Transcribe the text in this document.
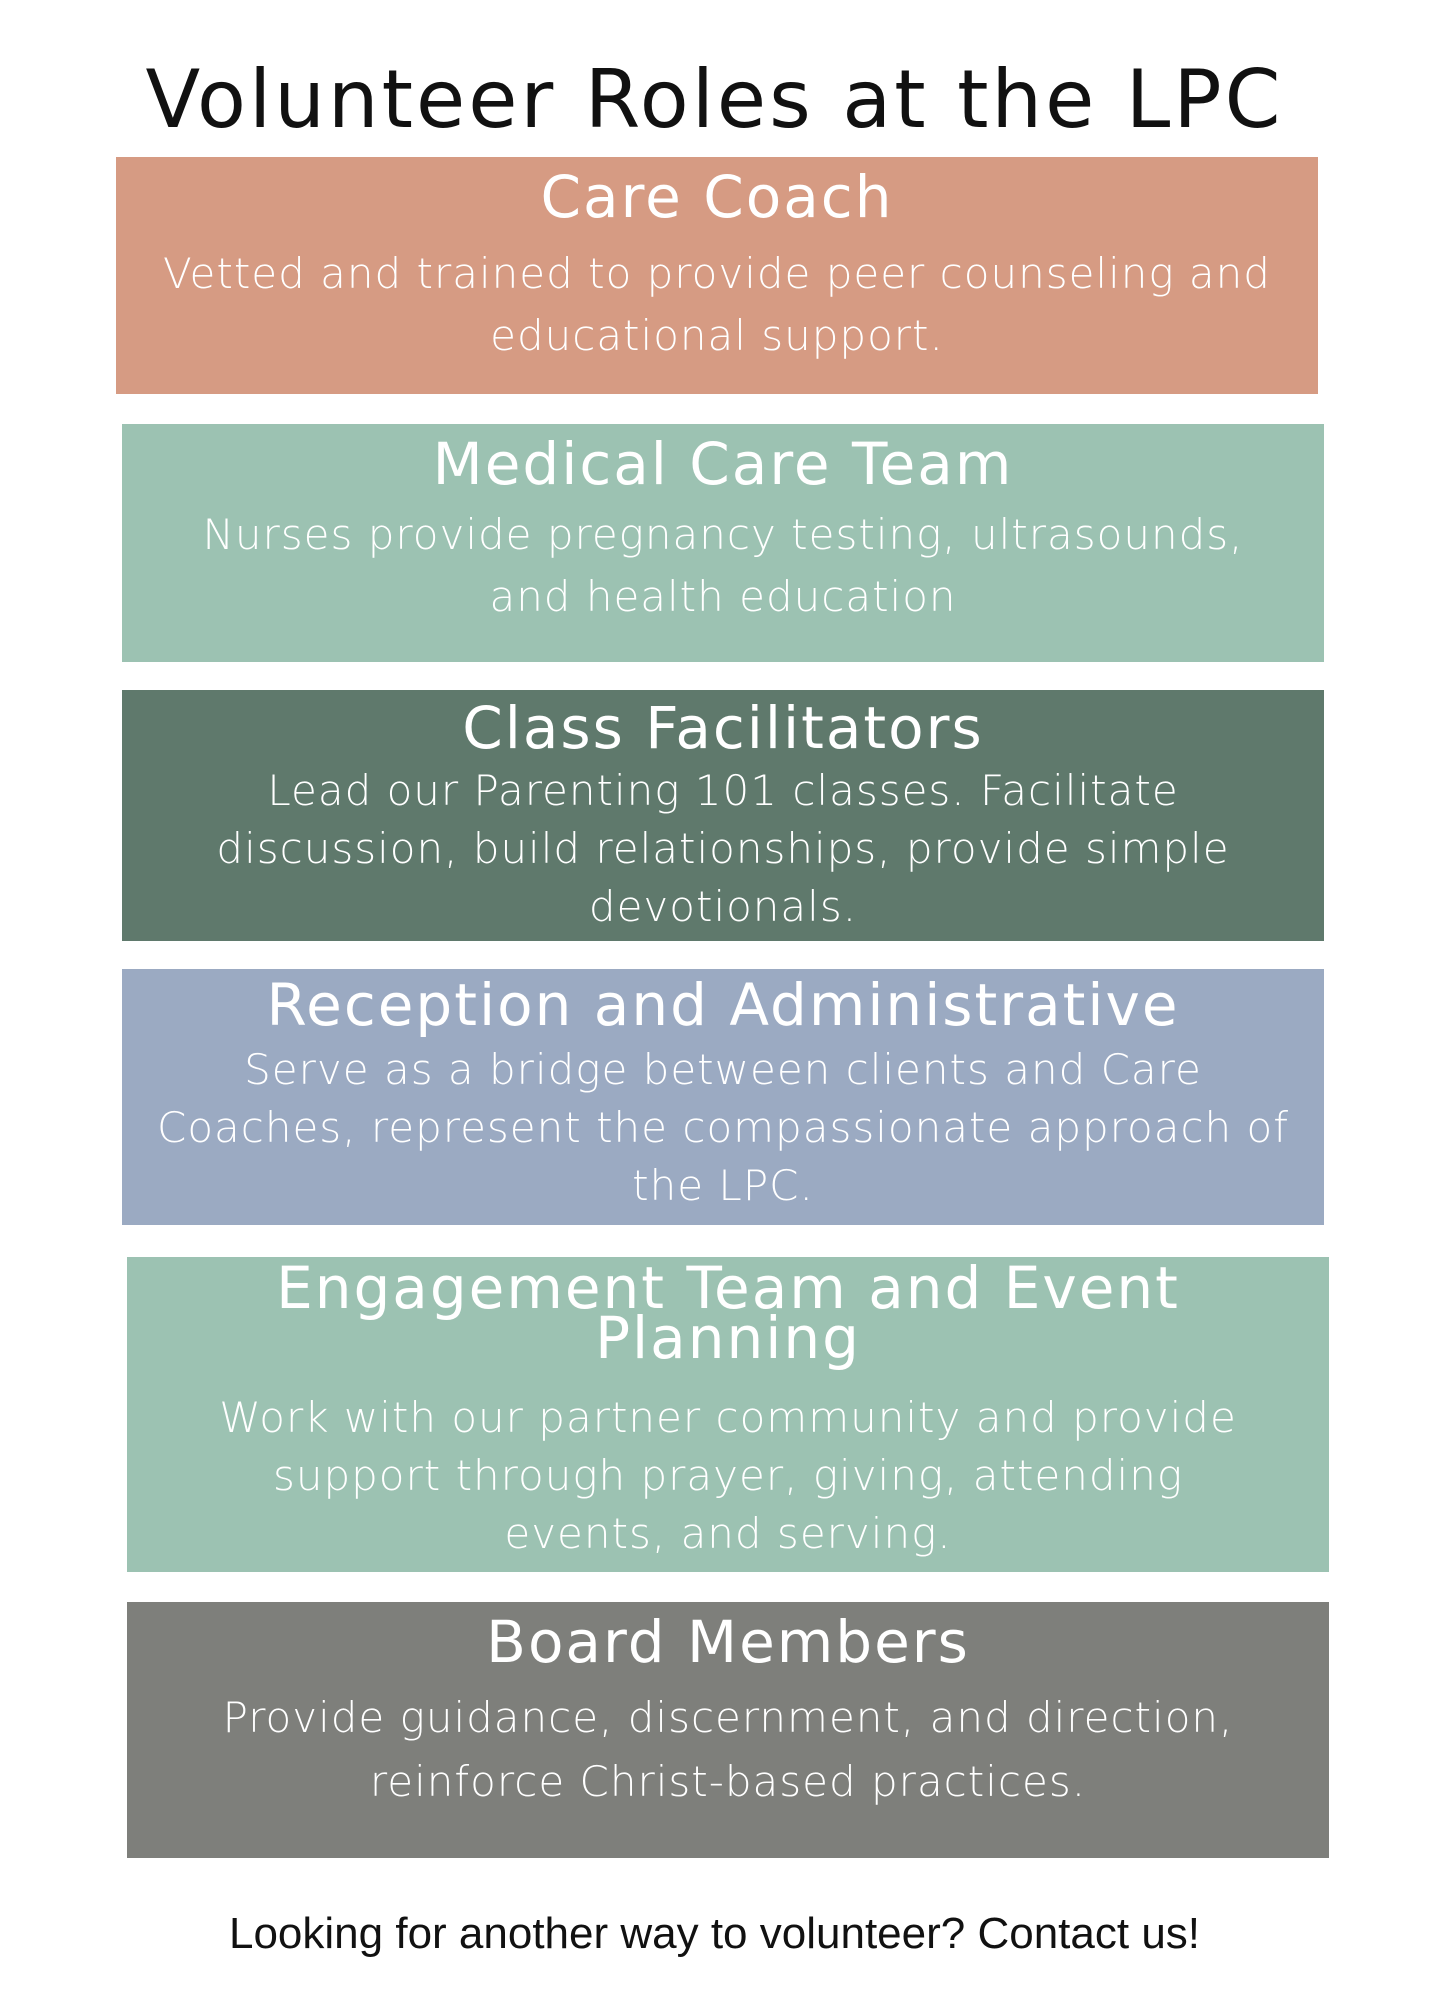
Volunteer Roles at the LPC
Care Coach
Vetted and trained to provide peer counseling and educational support.
Medical Care Team
Nurses provide pregnancy testing, ultrasounds, and health education
Class Facilitators
Lead our Parenting 101 classes. Facilitate discussion, build relationships, provide simple devotionals.
Reception and Administrative
Serve as a bridge between clients and Care Coaches, represent the compassionate approach of the LPC.
Engagement Team and Event Planning
Work with our partner community and provide support through prayer, giving, attending events, and serving.
Board Members
Provide guidance, discernment, and direction, reinforce Christ-based practices.
Looking for another way to volunteer? Contact us!
